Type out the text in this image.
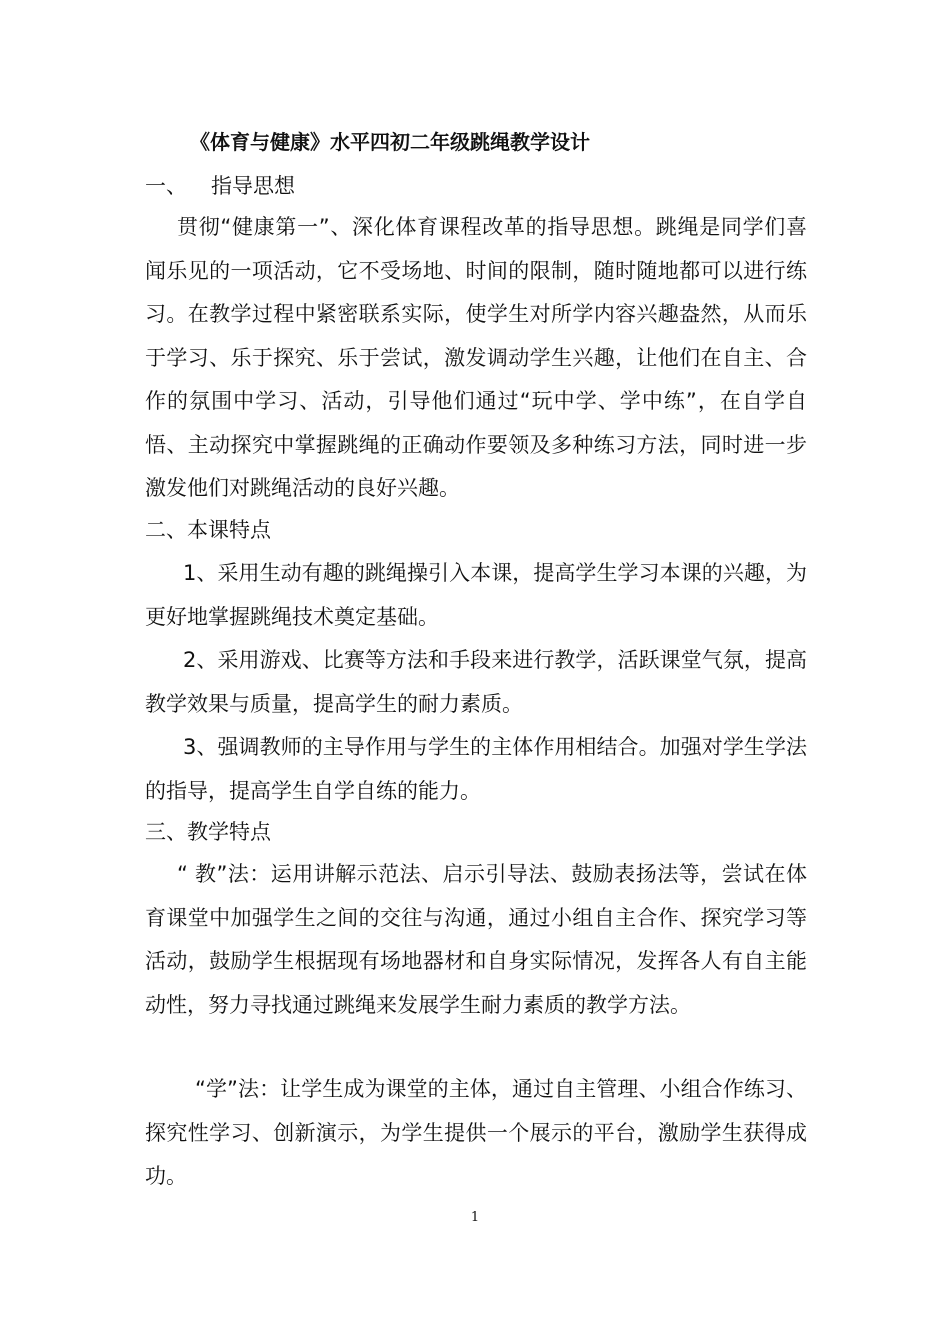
《体育与健康》水平四初二年级跳绳教学设计
一、 指导思想

贯彻“健康第一”、深化体育课程改革的指导思想。跳绳是同学们喜闻乐见的一项活动，它不受场地、时间的限制，随时随地都可以进行练习。在教学过程中紧密联系实际，使学生对所学内容兴趣盎然，从而乐于学习、乐于探究、乐于尝试，激发调动学生兴趣，让他们在自主、合作的氛围中学习、活动，引导他们通过“玩中学、学中练”，在自学自悟、主动探究中掌握跳绳的正确动作要领及多种练习方法，同时进一步激发他们对跳绳活动的良好兴趣。

二、本课特点

1、采用生动有趣的跳绳操引入本课，提高学生学习本课的兴趣，为更好地掌握跳绳技术奠定基础。

2、采用游戏、比赛等方法和手段来进行教学，活跃课堂气氛，提高教学效果与质量，提高学生的耐力素质。

3、强调教师的主导作用与学生的主体作用相结合。加强对学生学法的指导，提高学生自学自练的能力。

三、教学特点

“ 教”法：运用讲解示范法、启示引导法、鼓励表扬法等，尝试在体育课堂中加强学生之间的交往与沟通，通过小组自主合作、探究学习等活动，鼓励学生根据现有场地器材和自身实际情况，发挥各人有自主能动性，努力寻找通过跳绳来发展学生耐力素质的教学方法。

“学”法：让学生成为课堂的主体，通过自主管理、小组合作练习、探究性学习、创新演示，为学生提供一个展示的平台，激励学生获得成功。

1
